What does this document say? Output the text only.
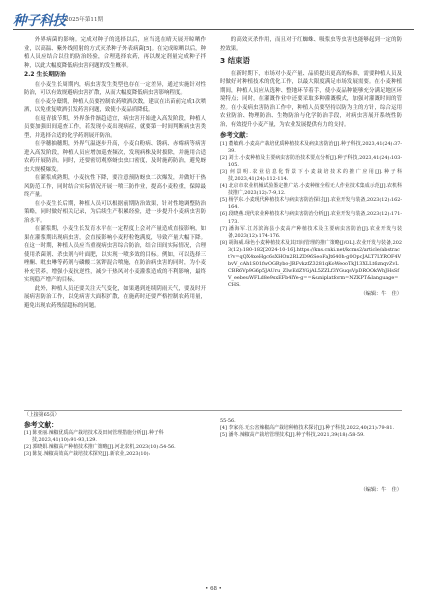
种子科技 2025年第11期

外界病菌的影响。完成对种子的选择以后，应当选在晴天展开晾晒作业，以高温、紫外线照射的方式灭杀种子外表病菌[5]。在完成晾晒以后，种植人员应结合以往的防治经验，合理选择农药，再以规定剂量完成种子拌种，以此大幅度降低病虫害问题的发生概率。

2.2 生长期防治

在小麦生长周期内，病虫害发生类型也存在一定差异，通过实施针对性防治，可以有效规避病虫害扩散，从而大幅度降低病虫害影响程度。

在小麦分蘖期，种植人员要控制农药喷洒次数，建议在出苗前完成1次喷洒，以免重复喷洒引发药害问题，致使小麦品质降低。

在返青拔节期，外界条件渐趋适宜，病虫害开始进入高发阶段，种植人员要加强田间巡查工作，若发现小麦出现病症，就要第一时间判断病虫害类型，并选择合适的化学药剂展开防治。

在孕穗抽穗期，外界气温逐步升高，小麦白粉病、锈病、赤霉病等病害进入高发阶段，种植人员应增加巡查频次，发现病株及时拔除，并施用合适农药开展防治。同时，还要密切观察蚜虫虫口密度，及时施药防治，避免蚜虫大规模爆发。

在灌浆成熟期，小麦抗性下降，要注意预防蚜虫二次爆发，并做好干热风防范工作，同时结合实际情况开展一喷三防作业，提高小麦粒重，保障最终产量。

在小麦生长后期，种植人员可以根据前期防治效果，针对性地调整防治策略，同时做好相关记录，为后续生产积累经验，进一步提升小麦病虫害防治水平。

在灌浆期，小麦生长发育水平在一定程度上会对产量造成直接影响，如果在灌浆期出现病虫害，会直接影响小麦籽粒饱满度，导致产量大幅下降。在这一时期，种植人员应当重视病虫害综合防治，结合田间实际情况，合理使用杀菌剂、杀虫剂与叶面肥，以实现一喷多效的目标。例如，可以选择三唑酮、吡虫啉等药剂与磷酸二氢钾混合喷施，在防治病虫害的同时，为小麦补充营养，增强小麦抗逆性，减少干热风对小麦灌浆造成的不利影响，最终实现稳产增产的目标。

此外，种植人员还要关注天气变化，如果遇到连续阴雨天气，要及时开展病害防治工作，以免病害大面积扩散，在施药时还要严格控制农药用量，避免出现农药残留超标的问题。

的高效灭杀作用，而且对于红蜘蛛、吸浆虫等虫害也能够起到一定的防控效果。

3 结束语

在新时期下，市场对小麦产量、品质提出更高的标准，需要种植人员及时做好对种植技术的优化工作，以最大限度满足市场发展需要。在小麦种植期间，种植人员应从选种、整地环节着手，使小麦品种能够充分满足地区环境特点；同时，在灌溉作业中还要采取多种灌溉模式，加强对灌溉时间的管控。在小麦病虫害防治工作中，种植人员要坚持以防为主的方针，综合运用农业防治、物理防治、生物防治与化学防治手段，对病虫害展开系统性防治，有效提升小麦产量，为农业发展提供有力的支持。

参考文献：
[1] 董敏莉.小麦高产栽培优质种植技术及病虫害防治[J].种子科技,2023,41(24):37-39.
[2] 刘士.小麦种植及主要病虫害防治技术要点分析[J].种子科技,2023,41(24):103-105.
[3] 何景明.农业信息化背景下小麦栽培技术的推广应用[J].种子科技,2023,41(24):112-114.
[4] 北京市农业机械试验鉴定推广站.小麦种植全程无人作业技术集成示范[J].农机科技推广,2023(12):7-9,12.
[5] 杨学东.小麦现代种植技术与病虫害防治探讨[J].农业开发与装备,2023(12):162-164.
[6] 段晓燕.现代农业种植技术与病虫害防治分析[J].农业开发与装备,2023(12):171-173.
[7] 潘海军.江苏滨海县小麦高产种植技术及主要病虫害防治[J].农业开发与装备,2023(12):174-176.
[8] 胡海威.绿色小麦种植技术及其田间管理的推广策略[J/OL].农业开发与装备,2023(12):180-182[2024-10-16].https://kns.cnki.net/kcms2/article/abstract?v=qQX4xeHgc6sXHOn2RLZD96SeoFaJt640h-g0OpcJALT7LYROF4VbvV_cAh1S01fwOGRybo-JRFvkzfZ3281qKoWeooTkJ13XLLt6znqvZvLCBR6Vp9G6p5JAUru_ZIwEdZYGjAL5ZZLf3YGuqsVpDROOkWhJHsSfV_eebeuWFLd8e9sxEFb4lYe-g==&uniplatform=NZKPT&language=CHS.
（编辑：牛　佳）
（上接第65页）
参考文献：
[1] 陈亚丽.辣椒优质高产栽培技术及田间管理措施分析[J].种子科技,2023,41(10):91-93,129.
[2] 郭晓娟.辣椒高产种植技术推广策略[J].河北农机,2023(10):54-56.
[3] 陈复.辣椒高效高产栽培技术探究[J].新农业,2023(10):
55-56.
[4] 李家亮.无公害辣椒高产栽培种植技术探讨[J].种子科技,2022,40(21):79-81.
[5] 潘冬.辣椒高产栽培管理技术[J].种子科技,2021,39(18):58-59.
（编辑：牛　佳）
• 68 •
